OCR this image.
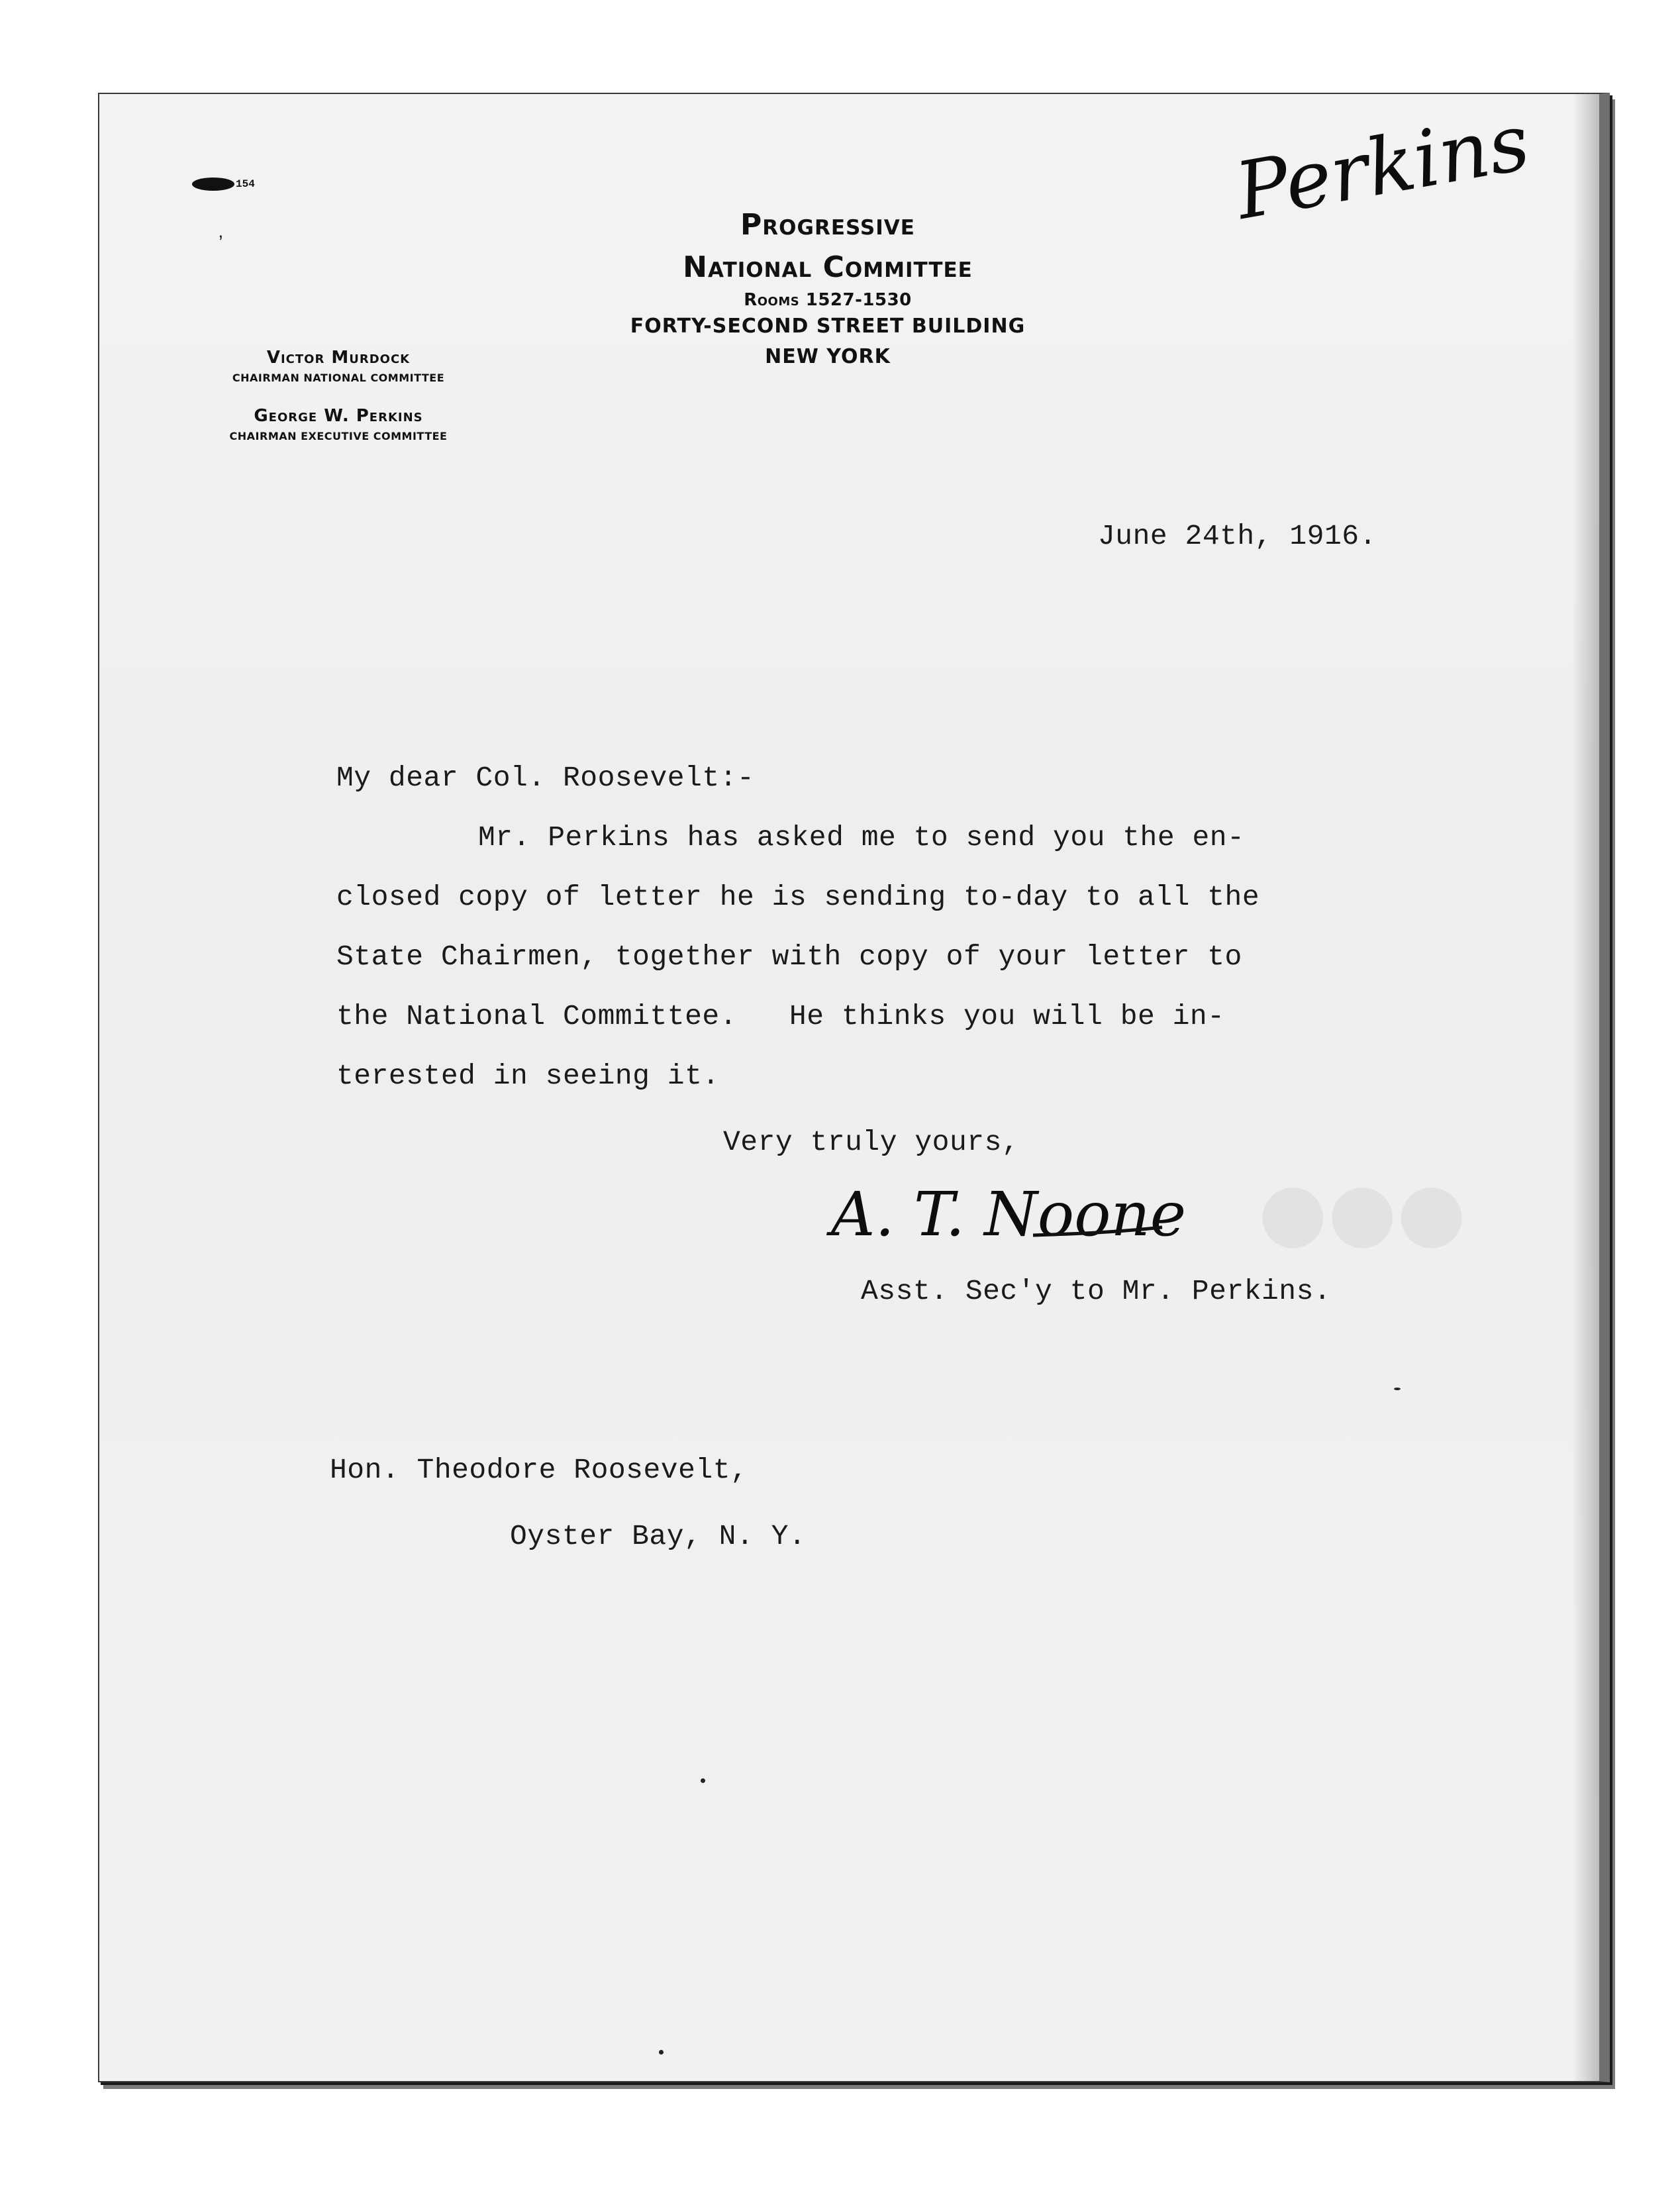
154
’
Progressive
National Committee
Rooms 1527-1530
FORTY-SECOND STREET BUILDING
NEW YORK
Victor Murdock
CHAIRMAN NATIONAL COMMITTEE
George W. Perkins
CHAIRMAN EXECUTIVE COMMITTEE
Perkins
●●●
June 24th, 1916.
My dear Col. Roosevelt:-
Mr. Perkins has asked me to send you the en-
closed copy of letter he is sending to-day to all the
State Chairmen, together with copy of your letter to
the National Committee.   He thinks you will be in-
terested in seeing it.
Very truly yours,
A. T. Noone
Asst. Sec'y to Mr. Perkins.
Hon. Theodore Roosevelt,
Oyster Bay, N. Y.
